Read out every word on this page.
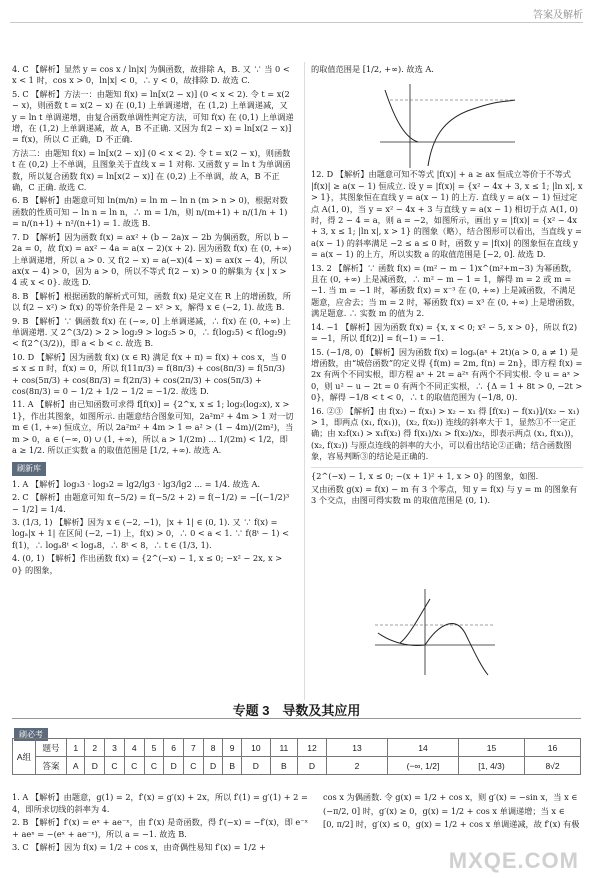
答案及解析

4. C 【解析】显然 y = cos x / ln|x| 为偶函数，故排除 A，B. 又 ∵ 当 0 < x < 1 时，cos x > 0，ln|x| < 0，∴ y < 0，故排除 D. 故选 C.

5. C 【解析】方法一：由题知 f(x) = ln[x(2 − x)] (0 < x < 2). 令 t = x(2 − x)，则函数 t = x(2 − x) 在 (0,1) 上单调递增，在 (1,2) 上单调递减，又 y = ln t 单调递增，由复合函数单调性判定方法，可知 f(x) 在 (0,1) 上单调递增，在 (1,2) 上单调递减，故 A，B 不正确. 又因为 f(2 − x) = ln[x(2 − x)] = f(x)，所以 C 正确，D 不正确.

方法二：由题知 f(x) = ln[x(2 − x)] (0 < x < 2). 令 t = x(2 − x)，则函数 t 在 (0,2) 上不单调，且图象关于直线 x = 1 对称. 又函数 y = ln t 为单调函数，所以复合函数 f(x) = ln[x(2 − x)] 在 (0,2) 上不单调，故 A，B 不正确，C 正确. 故选 C.

6. B 【解析】由题意可知 ln(m/n) = ln m − ln n (m > n > 0)，根据对数函数的性质可知 − ln n = ln n，∴ m = 1/n，则 n/(m+1) + n/(1/n + 1) = n/(n+1) + n²/(n+1) = 1. 故选 B.

7. D 【解析】因为函数 f(x) = ax² + (b − 2a)x − 2b 为偶函数，所以 b − 2a = 0，故 f(x) = ax² − 4a = a(x − 2)(x + 2). 因为函数 f(x) 在 (0, +∞) 上单调递增，所以 a > 0. 又 f(2 − x) = a(−x)(4 − x) = ax(x − 4)，所以 ax(x − 4) > 0，因为 a > 0，所以不等式 f(2 − x) > 0 的解集为 {x | x > 4 或 x < 0}. 故选 D.

8. B 【解析】根据函数的解析式可知，函数 f(x) 是定义在 R 上的增函数，所以 f(2 − x²) > f(x) 的等价条件是 2 − x² > x，解得 x ∈ (−2, 1). 故选 B.

9. B 【解析】∵ 偶函数 f(x) 在 (−∞, 0] 上单调递减，∴ f(x) 在 (0, +∞) 上单调递增. 又 2^(3/2) > 2 > log₂9 > log₂5 > 0，∴ f(log₂5) < f(log₂9) < f(2^(3/2))，即 a < b < c. 故选 B.

10. D 【解析】因为函数 f(x) (x ∈ R) 满足 f(x + π) = f(x) + cos x，当 0 ≤ x ≤ π 时，f(x) = 0，所以 f(11π/3) = f(8π/3) + cos(8π/3) = f(5π/3) + cos(5π/3) + cos(8π/3) = f(2π/3) + cos(2π/3) + cos(5π/3) + cos(8π/3) = 0 − 1/2 + 1/2 − 1/2 = −1/2. 故选 D.

11. A 【解析】由已知函数可求得 f[f(x)] = {2^x, x ≤ 1; log₂(log₂x), x > 1}，作出其图象，如图所示. 由题意结合图象可知，2a²m² + 4m > 1 对一切 m ∈ (1, +∞) 恒成立，所以 2a²m² + 4m > 1 ⇔ a² > (1 − 4m)/(2m²)，当 m > 0，a ∈ (−∞, 0) ∪ (1, +∞)，所以 a > 1/(2m) ... 1/(2m) < 1/2，即 a ≥ 1/2. 所以正实数 a 的取值范围是 [1/2, +∞). 故选 A.

刷新库

1. A 【解析】log₃3 · log₃2 = lg2/lg3 · lg3/lg2 ... = 1/4. 故选 A.

2. C 【解析】由题意可知 f(−5/2) = f(−5/2 + 2) = f(−1/2) = −[(−1/2)³ − 1/2] = 1/4.

3. (1/3, 1) 【解析】因为 x ∈ (−2, −1)，|x + 1| ∈ (0, 1). 又 ∵ f(x) = logₐ|x + 1| 在区间 (−2, −1) 上，f(x) > 0，∴ 0 < a < 1. ∵ f(8ᵗ − 1) < f(1)，∴ logₐ8ᵗ < logₐ8，∴ 8ᵗ < 8，∴ t ∈ (1/3, 1).

4. (0, 1) 【解析】作出函数 f(x) = {2^(−x) − 1, x ≤ 0; −x² − 2x, x > 0} 的图象，

的取值范围是 [1/2, +∞). 故选 A.

12. D 【解析】由题意可知不等式 |f(x)| + a ≥ ax 恒成立等价于不等式 |f(x)| ≥ a(x − 1) 恒成立. 设 y = |f(x)| = {x² − 4x + 3, x ≤ 1; |ln x|, x > 1}，其图象恒在直线 y = a(x − 1) 的上方. 直线 y = a(x − 1) 恒过定点 A(1, 0)，当 y = x² − 4x + 3 与直线 y = a(x − 1) 相切于点 A(1, 0) 时，得 2 − 4 = a，则 a = −2，如图所示，画出 y = |f(x)| = {x² − 4x + 3, x ≤ 1; |ln x|, x > 1} 的图象（略），结合图形可以看出，当直线 y = a(x − 1) 的斜率满足 −2 ≤ a ≤ 0 时，函数 y = |f(x)| 的图象恒在直线 y = a(x − 1) 的上方，所以实数 a 的取值范围是 [−2, 0]. 故选 D.

13. 2 【解析】∵ 函数 f(x) = (m² − m − 1)x^(m²+m−3) 为幂函数，且在 (0, +∞) 上是减函数，∴ m² − m − 1 = 1，解得 m = 2 或 m = −1. 当 m = −1 时，幂函数 f(x) = x⁻³ 在 (0, +∞) 上是减函数，不满足题意，应舍去；当 m = 2 时，幂函数 f(x) = x³ 在 (0, +∞) 上是增函数，满足题意. ∴ 实数 m 的值为 2.

14. −1 【解析】因为函数 f(x) = {x, x < 0; x² − 5, x > 0}，所以 f(2) = −1，所以 f[f(2)] = f(−1) = −1.

15. (−1/8, 0) 【解析】因为函数 f(x) = logₐ(aˣ + 2t)(a > 0, a ≠ 1) 是增函数，由“城倍函数”的定义得 {f(m) = 2m, f(n) = 2n}，即方程 f(x) = 2x 有两个不同实根，即方程 aˣ + 2t = a²ˣ 有两个不同实根. 令 u = aˣ > 0，则 u² − u − 2t = 0 有两个不同正实根，∴ {Δ = 1 + 8t > 0, −2t > 0}，解得 −1/8 < t < 0，∴ t 的取值范围为 (−1/8, 0).

16. ②③ 【解析】由 f(x₂) − f(x₁) > x₂ − x₁ 得 [f(x₂) − f(x₁)]/(x₂ − x₁) > 1，即两点 (x₁, f(x₁))，(x₂, f(x₂)) 连线的斜率大于 1，显然①不一定正确；由 x₂f(x₁) > x₁f(x₂) 得 f(x₁)/x₁ > f(x₂)/x₂，即表示两点 (x₁, f(x₁))，(x₂, f(x₂)) 与原点连线的斜率的大小，可以看出结论②正确；结合函数图象，容易判断③的结论是正确的.

{2^(−x) − 1, x ≤ 0; −(x + 1)² + 1, x > 0} 的图象，如图.

又由函数 g(x) = f(x) − m 有 3 个零点，知 y = f(x) 与 y = m 的图象有 3 个交点，由图可得实数 m 的取值范围是 (0, 1).

专题 3　导数及其应用
刷必考
A组	题号	1	2	3	4	5	6	7	8	9	10	11	12	13	14	15	16
	答案	A	D	C	C	C	D	C	D	B	D	B	D	2	(−∞, 1/2]	[1, 4/3)	8√2

1. A 【解析】由题意，g(1) = 2，f′(x) = g′(x) + 2x，所以 f′(1) = g′(1) + 2 = 4，即所求切线的斜率为 4.

2. B 【解析】f′(x) = eˣ + ae⁻ˣ，由 f′(x) 是奇函数，得 f′(−x) = −f′(x)，即 e⁻ˣ + aeˣ = −(eˣ + ae⁻ˣ)，所以 a = −1. 故选 B.

3. C 【解析】因为 f(x) = 1/2 + cos x，由奇偶性易知 f′(x) = 1/2 +

cos x 为偶函数. 令 g(x) = 1/2 + cos x，则 g′(x) = −sin x，当 x ∈

(−π/2, 0] 时，g′(x) ≥ 0，g(x) = 1/2 + cos x 单调递增；当 x ∈

[0, π/2] 时，g′(x) ≤ 0，g(x) = 1/2 + cos x 单调递减，故 f′(x) 有极

MXQE.COM
